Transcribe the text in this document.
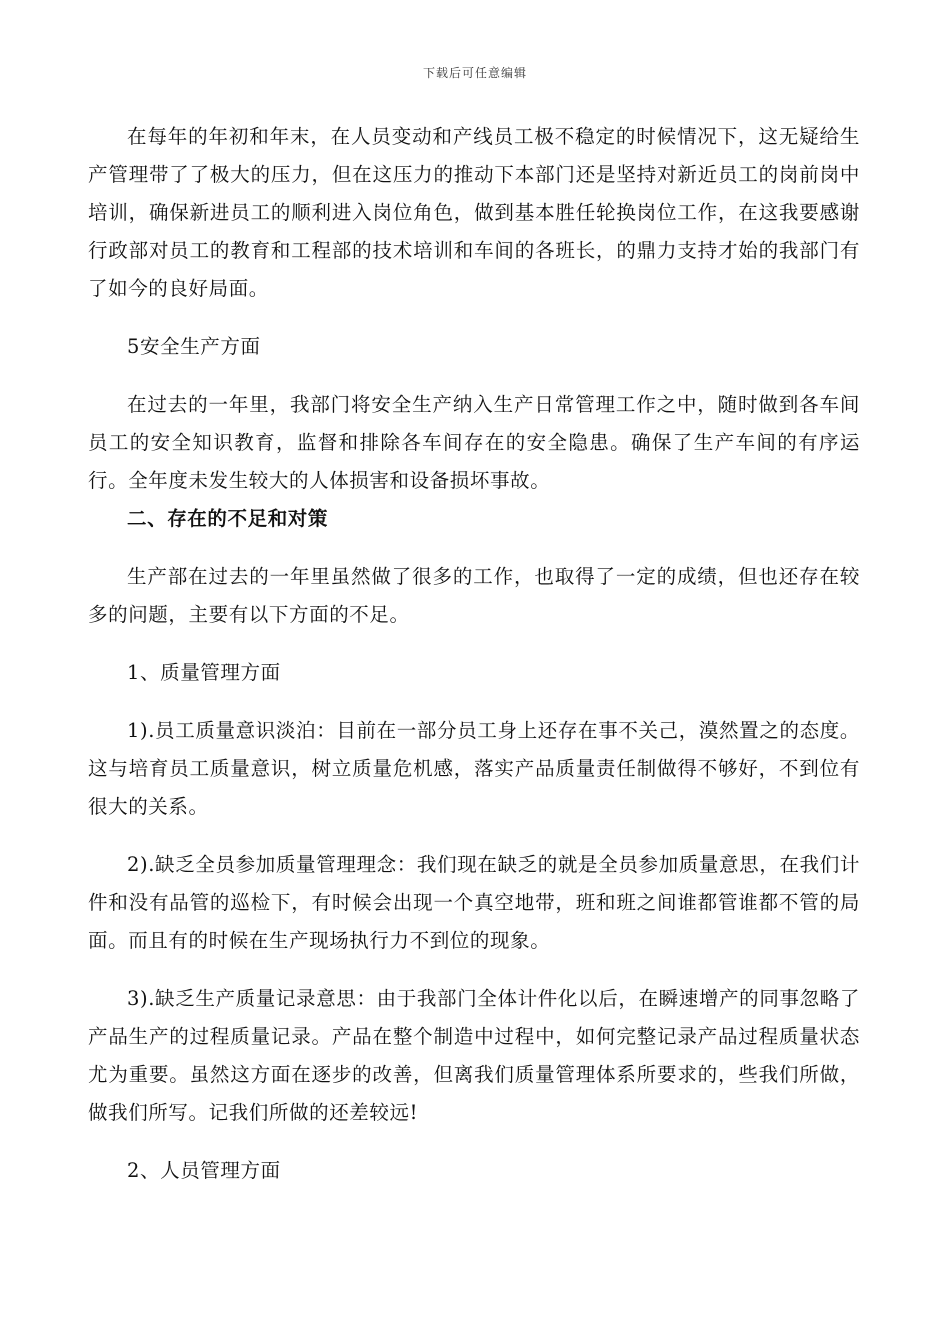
下载后可任意编辑

在每年的年初和年末，在人员变动和产线员工极不稳定的时候情况下，这无疑给生产管理带了了极大的压力，但在这压力的推动下本部门还是坚持对新近员工的岗前岗中培训，确保新进员工的顺利进入岗位角色，做到基本胜任轮换岗位工作，在这我要感谢行政部对员工的教育和工程部的技术培训和车间的各班长，的鼎力支持才始的我部门有了如今的良好局面。

5安全生产方面

在过去的一年里，我部门将安全生产纳入生产日常管理工作之中，随时做到各车间员工的安全知识教育，监督和排除各车间存在的安全隐患。确保了生产车间的有序运行。全年度未发生较大的人体损害和设备损坏事故。

二、存在的不足和对策

生产部在过去的一年里虽然做了很多的工作，也取得了一定的成绩，但也还存在较多的问题，主要有以下方面的不足。

1、质量管理方面

1).员工质量意识淡泊：目前在一部分员工身上还存在事不关己，漠然置之的态度。这与培育员工质量意识，树立质量危机感，落实产品质量责任制做得不够好，不到位有很大的关系。

2).缺乏全员参加质量管理理念：我们现在缺乏的就是全员参加质量意思，在我们计件和没有品管的巡检下，有时候会出现一个真空地带，班和班之间谁都管谁都不管的局面。而且有的时候在生产现场执行力不到位的现象。

3).缺乏生产质量记录意思：由于我部门全体计件化以后，在瞬速增产的同事忽略了产品生产的过程质量记录。产品在整个制造中过程中，如何完整记录产品过程质量状态尤为重要。虽然这方面在逐步的改善，但离我们质量管理体系所要求的，些我们所做，做我们所写。记我们所做的还差较远!

2、人员管理方面
